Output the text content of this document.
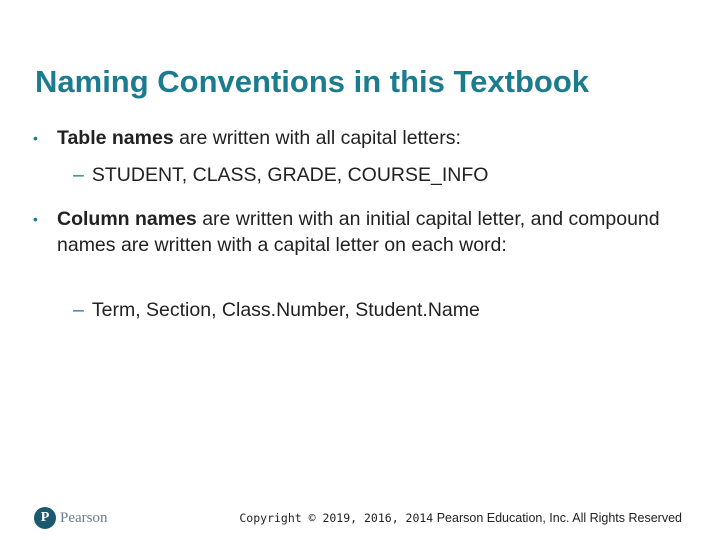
Naming Conventions in this Textbook
• Table names are written with all capital letters:
– STUDENT, CLASS, GRADE, COURSE_INFO
• Column names are written with an initial capital letter, and compound names are written with a capital letter on each word:
– Term, Section, Class.Number, Student.Name
P Pearson	Copyright © 2019, 2016, 2014 Pearson Education, Inc. All Rights Reserved
